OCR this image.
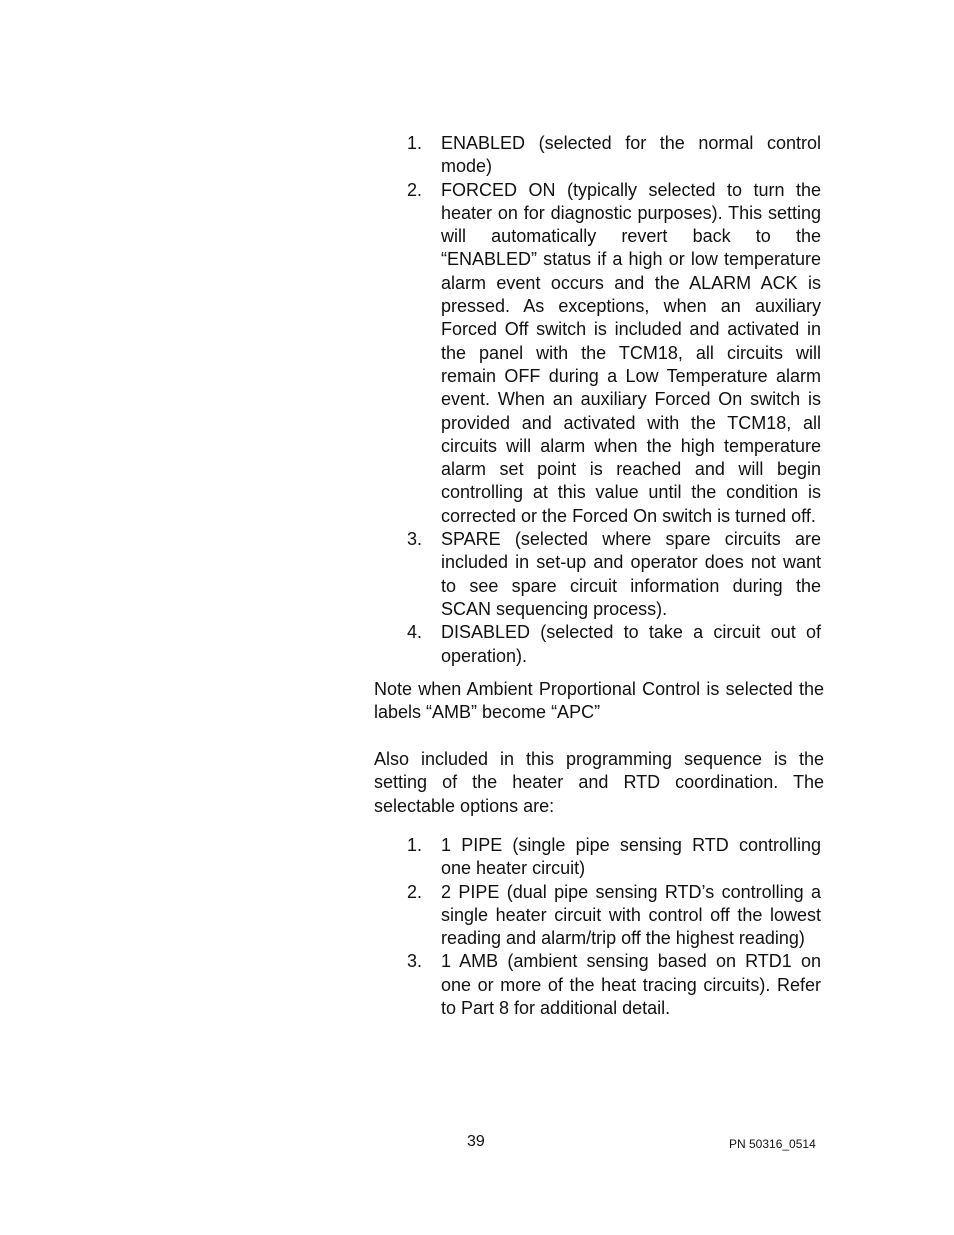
1. ENABLED (selected for the normal control mode)
2. FORCED ON (typically selected to turn the heater on for diagnostic purposes). This setting will automatically revert back to the “ENABLED” status if a high or low temperature alarm event occurs and the ALARM ACK is pressed. As exceptions, when an auxiliary Forced Off switch is included and activated in the panel with the TCM18, all circuits will remain OFF during a Low Temperature alarm event. When an auxiliary Forced On switch is provided and activated with the TCM18, all circuits will alarm when the high temperature alarm set point is reached and will begin controlling at this value until the condition is corrected or the Forced On switch is turned off.
3. SPARE (selected where spare circuits are included in set-up and operator does not want to see spare circuit information during the SCAN sequencing process).
4. DISABLED (selected to take a circuit out of operation).

Note when Ambient Proportional Control is selected the labels “AMB” become “APC”

Also included in this programming sequence is the setting of the heater and RTD coordination. The selectable options are:

1. 1 PIPE (single pipe sensing RTD controlling one heater circuit)
2. 2 PIPE (dual pipe sensing RTD’s controlling a single heater circuit with control off the lowest reading and alarm/trip off the highest reading)
3. 1 AMB (ambient sensing based on RTD1 on one or more of the heat tracing circuits). Refer to Part 8 for additional detail.
39	PN 50316_0514
